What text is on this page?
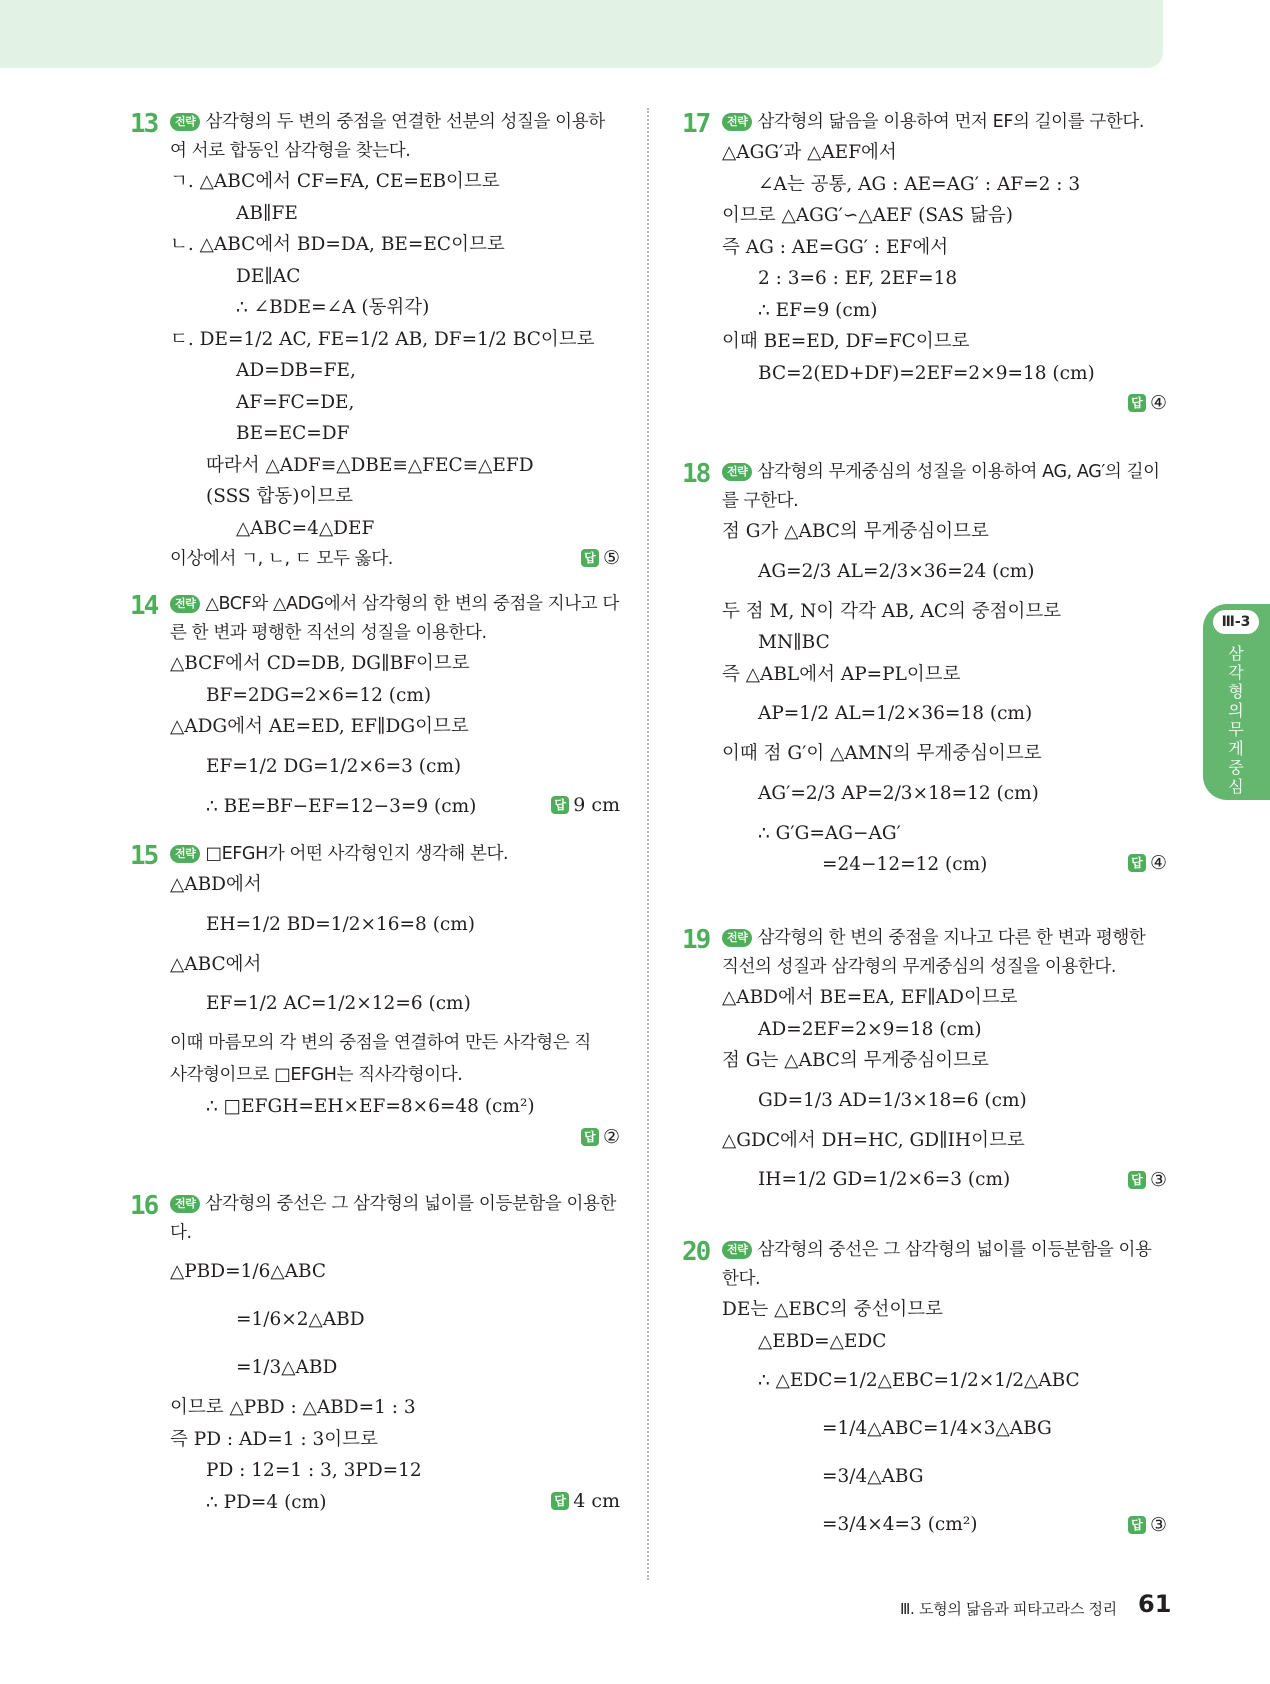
13	전략 삼각형의 두 변의 중점을 연결한 선분의 성질을 이용하여 서로 합동인 삼각형을 찾는다.
ㄱ. △ABC에서 CF=FA, CE=EB이므로
AB∥FE
ㄴ. △ABC에서 BD=DA, BE=EC이므로
DE∥AC
∴ ∠BDE=∠A (동위각)
ㄷ. DE=1/2 AC, FE=1/2 AB, DF=1/2 BC이므로
AD=DB=FE,
AF=FC=DE,
BE=EC=DF
따라서 △ADF≡△DBE≡△FEC≡△EFD
(SSS 합동)이므로
△ABC=4△DEF
이상에서 ㄱ, ㄴ, ㄷ 모두 옳다.	답 ⑤
14	전략 △BCF와 △ADG에서 삼각형의 한 변의 중점을 지나고 다른 한 변과 평행한 직선의 성질을 이용한다.
△BCF에서 CD=DB, DG∥BF이므로
BF=2DG=2×6=12 (cm)
△ADG에서 AE=ED, EF∥DG이므로
EF=1/2 DG=1/2×6=3 (cm)
∴ BE=BF−EF=12−3=9 (cm)	답 9 cm
15	전략 □EFGH가 어떤 사각형인지 생각해 본다.
△ABD에서
EH=1/2 BD=1/2×16=8 (cm)
△ABC에서
EF=1/2 AC=1/2×12=6 (cm)
이때 마름모의 각 변의 중점을 연결하여 만든 사각형은 직
사각형이므로 □EFGH는 직사각형이다.
∴ □EFGH=EH×EF=8×6=48 (cm²)
답 ②
16	전략 삼각형의 중선은 그 삼각형의 넓이를 이등분함을 이용한다.
△PBD=1/6△ABC
=1/6×2△ABD
=1/3△ABD
이므로 △PBD : △ABD=1 : 3
즉 PD : AD=1 : 3이므로
PD : 12=1 : 3, 3PD=12
∴ PD=4 (cm)	답 4 cm
17	전략 삼각형의 닮음을 이용하여 먼저 EF의 길이를 구한다.
△AGG′과 △AEF에서
∠A는 공통, AG : AE=AG′ : AF=2 : 3
이므로 △AGG′∽△AEF (SAS 닮음)
즉 AG : AE=GG′ : EF에서
2 : 3=6 : EF, 2EF=18
∴ EF=9 (cm)
이때 BE=ED, DF=FC이므로
BC=2(ED+DF)=2EF=2×9=18 (cm)
답 ④
18	전략 삼각형의 무게중심의 성질을 이용하여 AG, AG′의 길이를 구한다.
점 G가 △ABC의 무게중심이므로
AG=2/3 AL=2/3×36=24 (cm)
두 점 M, N이 각각 AB, AC의 중점이므로
MN∥BC
즉 △ABL에서 AP=PL이므로
AP=1/2 AL=1/2×36=18 (cm)
이때 점 G′이 △AMN의 무게중심이므로
AG′=2/3 AP=2/3×18=12 (cm)
∴ G′G=AG−AG′
=24−12=12 (cm)	답 ④
19	전략 삼각형의 한 변의 중점을 지나고 다른 한 변과 평행한 직선의 성질과 삼각형의 무게중심의 성질을 이용한다.
△ABD에서 BE=EA, EF∥AD이므로
AD=2EF=2×9=18 (cm)
점 G는 △ABC의 무게중심이므로
GD=1/3 AD=1/3×18=6 (cm)
△GDC에서 DH=HC, GD∥IH이므로
IH=1/2 GD=1/2×6=3 (cm)	답 ③
20	전략 삼각형의 중선은 그 삼각형의 넓이를 이등분함을 이용한다.
DE는 △EBC의 중선이므로
△EBD=△EDC
∴ △EDC=1/2△EBC=1/2×1/2△ABC
=1/4△ABC=1/4×3△ABG
=3/4△ABG
=3/4×4=3 (cm²)	답 ③
Ⅲ-3
삼각형의 무게중심
Ⅲ. 도형의 닮음과 피타고라스 정리 61
